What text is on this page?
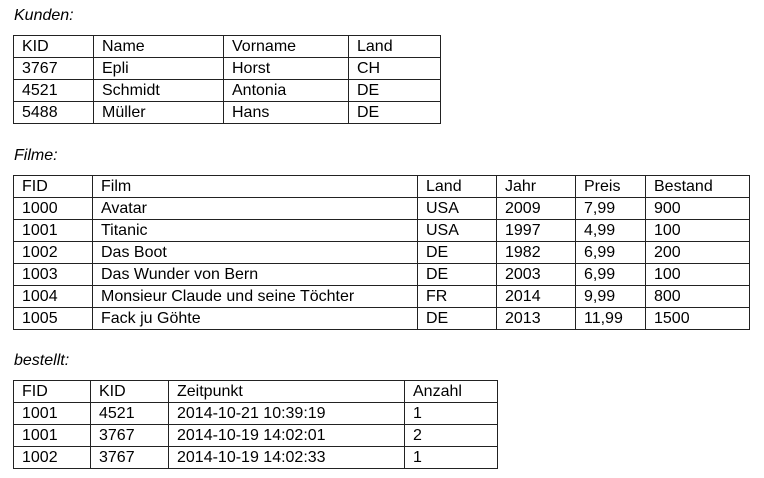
Kunden:
KID	Name	Vorname	Land
3767	Epli	Horst	CH
4521	Schmidt	Antonia	DE
5488	Müller	Hans	DE
Filme:
FID	Film	Land	Jahr	Preis	Bestand
1000	Avatar	USA	2009	7,99	900
1001	Titanic	USA	1997	4,99	100
1002	Das Boot	DE	1982	6,99	200
1003	Das Wunder von Bern	DE	2003	6,99	100
1004	Monsieur Claude und seine Töchter	FR	2014	9,99	800
1005	Fack ju Göhte	DE	2013	11,99	1500
bestellt:
FID	KID	Zeitpunkt	Anzahl
1001	4521	2014-10-21 10:39:19	1
1001	3767	2014-10-19 14:02:01	2
1002	3767	2014-10-19 14:02:33	1
